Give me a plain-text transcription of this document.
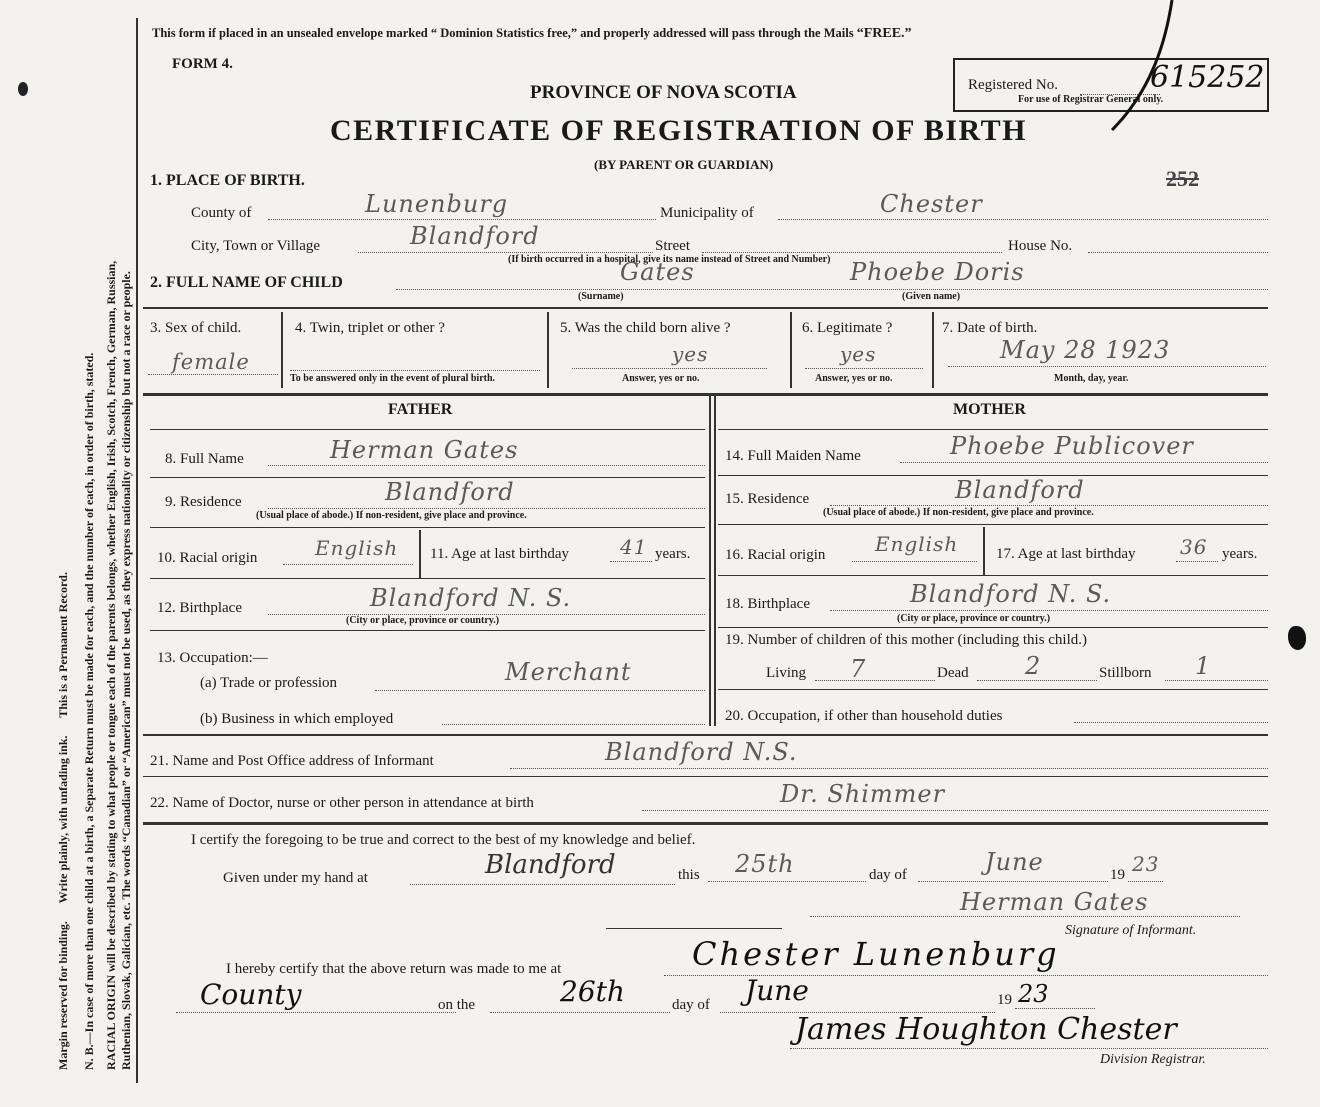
Margin reserved for binding.      Write plainly, with unfading ink.      This is a Permanent Record. N. B.—In case of more than one child at a birth, a Separate Return must be made for each, and the number of each, in order of birth, stated. RACIAL ORIGIN will be described by stating to what people or tongue each of the parents belongs, whether English, Irish, Scotch, French, German, Russian, Ruthenian, Slovak, Galician, etc. The words “Canadian” or “American” must not be used, as they express nationality or citizenship but not a race or people.
This form if placed in an unsealed envelope marked “ Dominion Statistics free,” and properly addressed will pass through the Mails “FREE.”
FORM 4.
PROVINCE OF NOVA SCOTIA
CERTIFICATE OF REGISTRATION OF BIRTH
(BY PARENT OR GUARDIAN)
Registered No.	615252
For use of Registrar General only.
252
1. PLACE OF BIRTH.
County of	Lunenburg	Municipality of	Chester
City, Town or Village	Blandford	Street	House No.
(If birth occurred in a hospital, give its name instead of Street and Number)
2. FULL NAME OF CHILD	Gates	Phoebe Doris
(Surname)	(Given name)
3. Sex of child.
female
4. Twin, triplet or other ?
To be answered only in the event of plural birth.
5. Was the child born alive ?
yes
Answer, yes or no.
6. Legitimate ?
yes
Answer, yes or no.
7. Date of birth.
May 28 1923
Month, day, year.
FATHER
8. Full Name	Herman Gates
9. Residence	Blandford
(Usual place of abode.) If non-resident, give place and province.
10. Racial origin	English 11. Age at last birthday	41 years.
12. Birthplace	Blandford N. S.
(City or place, province or country.)
13. Occupation:—
(a) Trade or profession	Merchant
(b) Business in which employed
MOTHER
14. Full Maiden Name	Phoebe Publicover
15. Residence	Blandford
(Usual place of abode.) If non-resident, give place and province.
16. Racial origin English	17. Age at last birthday 36 years.
18. Birthplace	Blandford N. S.
(City or place, province or country.)
19. Number of children of this mother (including this child.)
Living 7	Dead 2	Stillborn 1
20. Occupation, if other than household duties
21. Name and Post Office address of Informant	Blandford N.S.
22. Name of Doctor, nurse or other person in attendance at birth	Dr. Shimmer
I certify the foregoing to be true and correct to the best of my knowledge and belief.
Given under my hand at	Blandford	this 25th	day of	June	19 23
Herman Gates
Signature of Informant.
I hereby certify that the above return was made to me at	Chester Lunenburg
County	on the	26th	day of June	19 23
James Houghton Chester
Division Registrar.
